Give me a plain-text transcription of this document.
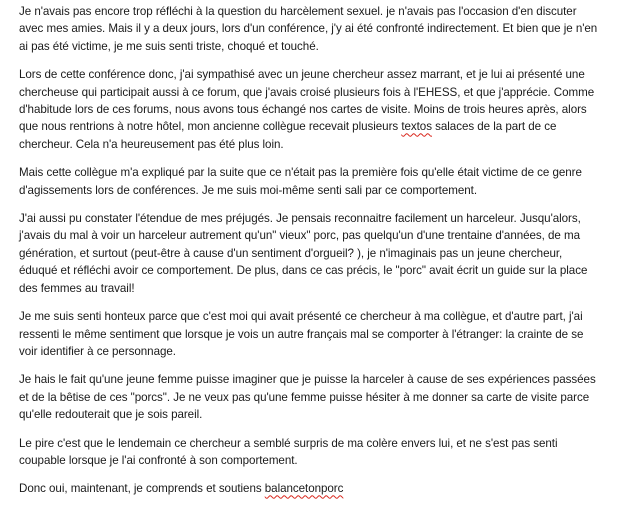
Je n'avais pas encore trop réfléchi à la question du harcèlement sexuel. je n'avais pas l'occasion d'en discuter avec mes amies. Mais il y a deux jours, lors d'un conférence, j'y ai été confronté indirectement. Et bien que je n'en ai pas été victime, je me suis senti triste, choqué et touché.

Lors de cette conférence donc, j'ai sympathisé avec un jeune chercheur assez marrant, et je lui ai présenté une chercheuse qui participait aussi à ce forum, que j'avais croisé plusieurs fois à l'EHESS, et que j'apprécie. Comme d'habitude lors de ces forums, nous avons tous échangé nos cartes de visite. Moins de trois heures après, alors que nous rentrions à notre hôtel, mon ancienne collègue recevait plusieurs textos salaces de la part de ce chercheur. Cela n'a heureusement pas été plus loin.

Mais cette collègue m'a expliqué par la suite que ce n'était pas la première fois qu'elle était victime de ce genre d'agissements lors de conférences. Je me suis moi-même senti sali par ce comportement.

J'ai aussi pu constater l'étendue de mes préjugés. Je pensais reconnaitre facilement un harceleur. Jusqu'alors, j'avais du mal à voir un harceleur autrement qu'un" vieux" porc, pas quelqu'un d'une trentaine d'années, de ma génération, et surtout (peut-être à cause d'un sentiment d'orgueil? ), je n'imaginais pas un jeune chercheur, éduqué et réfléchi avoir ce comportement. De plus, dans ce cas précis, le "porc" avait écrit un guide sur la place des femmes au travail!

Je me suis senti honteux parce que c'est moi qui avait présenté ce chercheur à ma collègue, et d'autre part, j'ai ressenti le même sentiment que lorsque je vois un autre français mal se comporter à l'étranger: la crainte de se voir identifier à ce personnage.

Je hais le fait qu'une jeune femme puisse imaginer que je puisse la harceler à cause de ses expériences passées et de la bêtise de ces "porcs". Je ne veux pas qu'une femme puisse hésiter à me donner sa carte de visite parce qu'elle redouterait que je sois pareil.

Le pire c'est que le lendemain ce chercheur a semblé surpris de ma colère envers lui, et ne s'est pas senti coupable lorsque je l'ai confronté à son comportement.

Donc oui, maintenant, je comprends et soutiens balancetonporc
